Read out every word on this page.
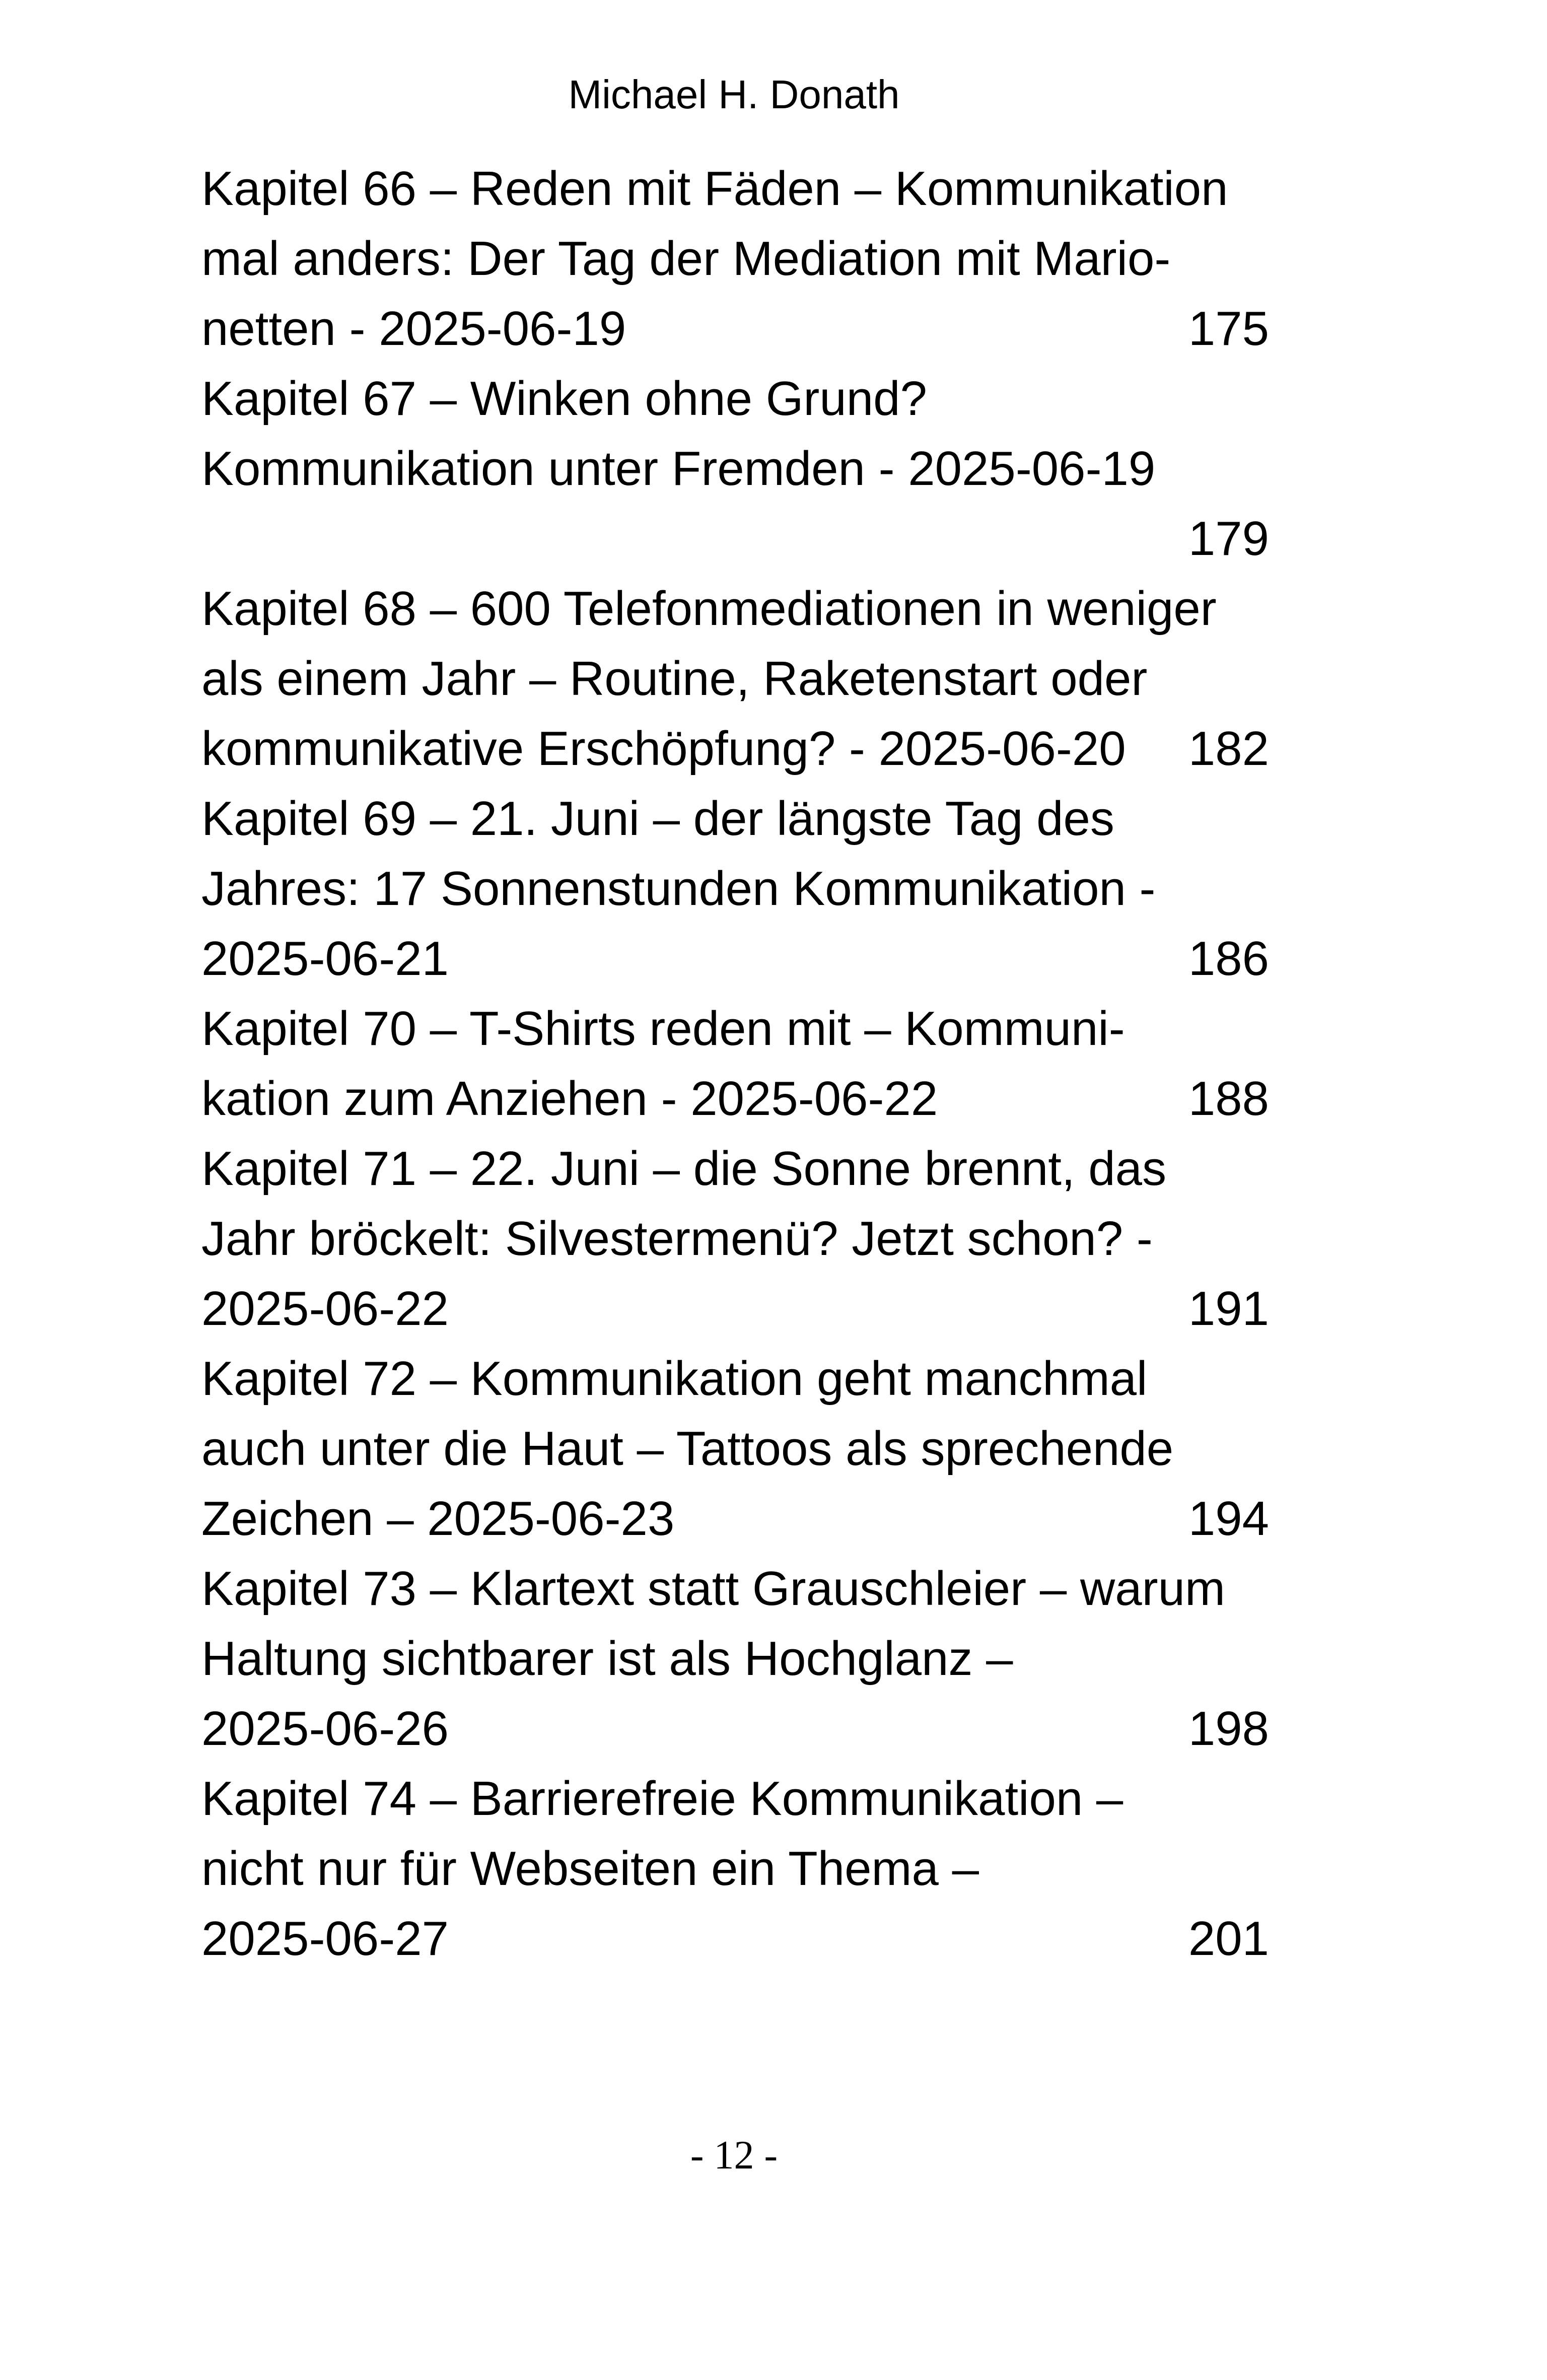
Michael H. Donath
Kapitel 66 – Reden mit Fäden – Kommunikation
mal anders: Der Tag der Mediation mit Mario-
netten - 2025-06-19	175
Kapitel 67 – Winken ohne Grund?
Kommunikation unter Fremden - 2025-06-19
179
Kapitel 68 – 600 Telefonmediationen in weniger
als einem Jahr – Routine, Raketenstart oder
kommunikative Erschöpfung? - 2025-06-20 182
Kapitel 69 – 21. Juni – der längste Tag des
Jahres: 17 Sonnenstunden Kommunikation -
2025-06-21	186
Kapitel 70 – T-Shirts reden mit – Kommuni-
kation zum Anziehen - 2025-06-22	188
Kapitel 71 – 22. Juni – die Sonne brennt, das
Jahr bröckelt: Silvestermenü? Jetzt schon? -
2025-06-22	191
Kapitel 72 – Kommunikation geht manchmal
auch unter die Haut – Tattoos als sprechende
Zeichen – 2025-06-23	194
Kapitel 73 – Klartext statt Grauschleier – warum
Haltung sichtbarer ist als Hochglanz –
2025-06-26	198
Kapitel 74 – Barrierefreie Kommunikation –
nicht nur für Webseiten ein Thema –
2025-06-27	201
- 12 -
